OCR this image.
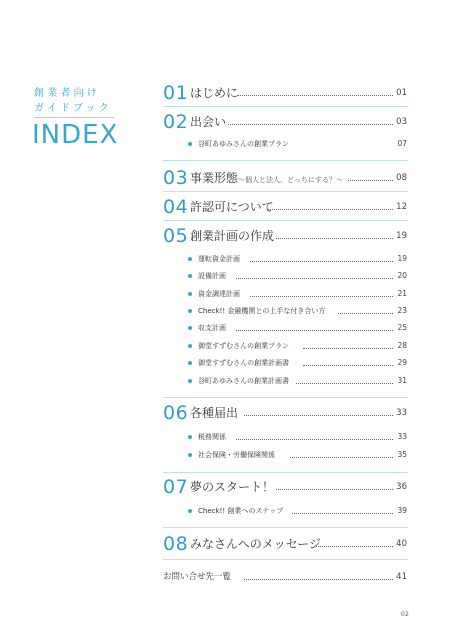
創業者向け
ガイドブック
INDEX
01 はじめに	01
02 出会い	03
谷町あゆみさんの創業プラン	07
03 事業形態～個人と法人、どっちにする？～	08
04 許認可について	12
05 創業計画の作成	19
運転資金計画	19
設備計画	20
資金調達計画	21
Check!! 金融機関との上手な付き合い方	23
収支計画	25
御堂すずむさんの創業プラン	28
御堂すずむさんの創業計画書	29
谷町あゆみさんの創業計画書	31
06 各種届出	33
税務関係	33
社会保険・労働保険関係	35
07 夢のスタート！	36
Check!! 創業へのステップ	39
08 みなさんへのメッセージ	40
お問い合せ先一覧	41
02
